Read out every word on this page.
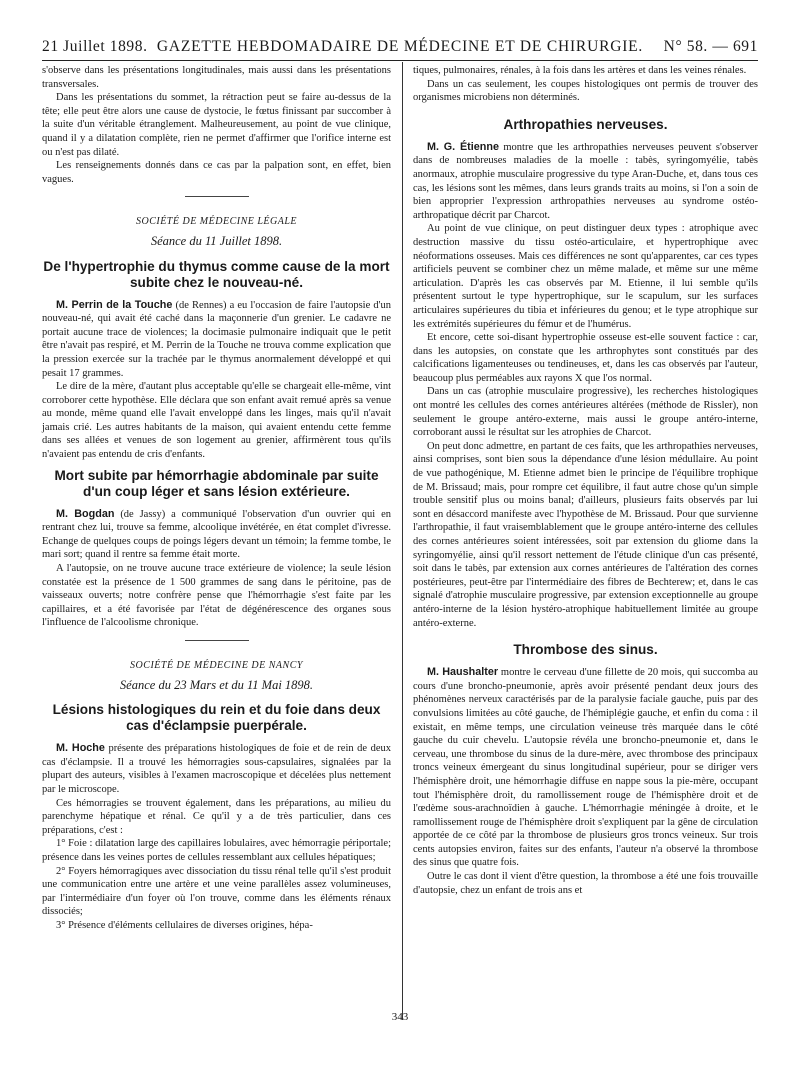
21 Juillet 1898. GAZETTE HEBDOMADAIRE DE MÉDECINE ET DE CHIRURGIE.	N° 58. — 691

s'observe dans les présentations longitudinales, mais aussi dans les présentations transversales.

Dans les présentations du sommet, la rétraction peut se faire au-dessus de la tête; elle peut être alors une cause de dystocie, le fœtus finissant par succomber à la suite d'un véritable étranglement. Malheureusement, au point de vue clinique, quand il y a dilatation complète, rien ne permet d'affirmer que l'orifice interne est ou n'est pas dilaté.

Les renseignements donnés dans ce cas par la palpation sont, en effet, bien vagues.

SOCIÉTÉ DE MÉDECINE LÉGALE
Séance du 11 Juillet 1898.
De l'hypertrophie du thymus comme cause de la mort subite chez le nouveau-né.

M. Perrin de la Touche (de Rennes) a eu l'occasion de faire l'autopsie d'un nouveau-né, qui avait été caché dans la maçonnerie d'un grenier. Le cadavre ne portait aucune trace de violences; la docimasie pulmonaire indiquait que le petit être n'avait pas respiré, et M. Perrin de la Touche ne trouva comme explication que la pression exercée sur la trachée par le thymus anormalement développé et qui pesait 17 grammes.

Le dire de la mère, d'autant plus acceptable qu'elle se chargeait elle-même, vint corroborer cette hypothèse. Elle déclara que son enfant avait remué après sa venue au monde, même quand elle l'avait enveloppé dans les linges, mais qu'il n'avait jamais crié. Les autres habitants de la maison, qui avaient entendu cette femme dans ses allées et venues de son logement au grenier, affirmèrent tous qu'ils n'avaient pas entendu de cris d'enfants.

Mort subite par hémorrhagie abdominale par suite d'un coup léger et sans lésion extérieure.

M. Bogdan (de Jassy) a communiqué l'observation d'un ouvrier qui en rentrant chez lui, trouve sa femme, alcoolique invétérée, en état complet d'ivresse. Echange de quelques coups de poings légers devant un témoin; la femme tombe, le mari sort; quand il rentre sa femme était morte.

A l'autopsie, on ne trouve aucune trace extérieure de violence; la seule lésion constatée est la présence de 1 500 grammes de sang dans le péritoine, pas de vaisseaux ouverts; notre confrère pense que l'hémorrhagie s'est faite par les capillaires, et a été favorisée par l'état de dégénérescence des organes sous l'influence de l'alcoolisme chronique.

SOCIÉTÉ DE MÉDECINE DE NANCY
Séance du 23 Mars et du 11 Mai 1898.
Lésions histologiques du rein et du foie dans deux cas d'éclampsie puerpérale.

M. Hoche présente des préparations histologiques de foie et de rein de deux cas d'éclampsie. Il a trouvé les hémorragies sous-capsulaires, signalées par la plupart des auteurs, visibles à l'examen macroscopique et décelées plus nettement par le microscope.

Ces hémorragies se trouvent également, dans les préparations, au milieu du parenchyme hépatique et rénal. Ce qu'il y a de très particulier, dans ces préparations, c'est :

1° Foie : dilatation large des capillaires lobulaires, avec hémorragie périportale; présence dans les veines portes de cellules ressemblant aux cellules hépatiques;

2° Foyers hémorragiques avec dissociation du tissu rénal telle qu'il s'est produit une communication entre une artère et une veine parallèles assez volumineuses, par l'intermédiaire d'un foyer où l'on trouve, comme dans les éléments rénaux dissociés;

3° Présence d'éléments cellulaires de diverses origines, hépa-

tiques, pulmonaires, rénales, à la fois dans les artères et dans les veines rénales.

Dans un cas seulement, les coupes histologiques ont permis de trouver des organismes microbiens non déterminés.

Arthropathies nerveuses.

M. G. Étienne montre que les arthropathies nerveuses peuvent s'observer dans de nombreuses maladies de la moelle : tabès, syringomyélie, tabès anormaux, atrophie musculaire progressive du type Aran-Duche, et, dans tous ces cas, les lésions sont les mêmes, dans leurs grands traits au moins, si l'on a soin de bien approprier l'expression arthropathies nerveuses au syndrome ostéo-arthropatique décrit par Charcot.

Au point de vue clinique, on peut distinguer deux types : atrophique avec destruction massive du tissu ostéo-articulaire, et hypertrophique avec néoformations osseuses. Mais ces différences ne sont qu'apparentes, car ces types artificiels peuvent se combiner chez un même malade, et même sur une même articulation. D'après les cas observés par M. Etienne, il lui semble qu'ils présentent surtout le type hypertrophique, sur le scapulum, sur les surfaces articulaires supérieures du tibia et inférieures du genou; et le type atrophique sur les extrémités supérieures du fémur et de l'humérus.

Et encore, cette soi-disant hypertrophie osseuse est-elle souvent factice : car, dans les autopsies, on constate que les arthrophytes sont constitués par des calcifications ligamenteuses ou tendineuses, et, dans les cas observés par l'auteur, beaucoup plus perméables aux rayons X que l'os normal.

Dans un cas (atrophie musculaire progressive), les recherches histologiques ont montré les cellules des cornes antérieures altérées (méthode de Rissler), non seulement le groupe antéro-externe, mais aussi le groupe antéro-interne, corroborant aussi le résultat sur les atrophies de Charcot.

On peut donc admettre, en partant de ces faits, que les arthropathies nerveuses, ainsi comprises, sont bien sous la dépendance d'une lésion médullaire. Au point de vue pathogénique, M. Etienne admet bien le principe de l'équilibre trophique de M. Brissaud; mais, pour rompre cet équilibre, il faut autre chose qu'un simple trouble sensitif plus ou moins banal; d'ailleurs, plusieurs faits observés par lui sont en désaccord manifeste avec l'hypothèse de M. Brissaud. Pour que survienne l'arthropathie, il faut vraisemblablement que le groupe antéro-interne des cellules des cornes antérieures soient intéressées, soit par extension du gliome dans la syringomyélie, ainsi qu'il ressort nettement de l'étude clinique d'un cas présenté, soit dans le tabès, par extension aux cornes antérieures de l'altération des cornes postérieures, peut-être par l'intermédiaire des fibres de Bechterew; et, dans le cas signalé d'atrophie musculaire progressive, par extension exceptionnelle au groupe antéro-interne de la lésion hystéro-atrophique habituellement limitée au groupe antéro-externe.

Thrombose des sinus.

M. Haushalter montre le cerveau d'une fillette de 20 mois, qui succomba au cours d'une broncho-pneumonie, après avoir présenté pendant deux jours des phénomènes nerveux caractérisés par de la paralysie faciale gauche, puis par des convulsions limitées au côté gauche, de l'hémiplégie gauche, et enfin du coma : il existait, en même temps, une circulation veineuse très marquée dans le côté gauche du cuir chevelu. L'autopsie révéla une broncho-pneumonie et, dans le cerveau, une thrombose du sinus de la dure-mère, avec thrombose des principaux troncs veineux émergeant du sinus longitudinal supérieur, pour se diriger vers l'hémisphère droit, une hémorrhagie diffuse en nappe sous la pie-mère, occupant tout l'hémisphère droit, du ramollissement rouge de l'hémisphère droit et de l'œdème sous-arachnoïdien à gauche. L'hémorrhagie méningée à droite, et le ramollissement rouge de l'hémisphère droit s'expliquent par la gêne de circulation apportée de ce côté par la thrombose de plusieurs gros troncs veineux. Sur trois cents autopsies environ, faites sur des enfants, l'auteur n'a observé la thrombose des sinus que quatre fois.

Outre le cas dont il vient d'être question, la thrombose a été une fois trouvaille d'autopsie, chez un enfant de trois ans et

343
